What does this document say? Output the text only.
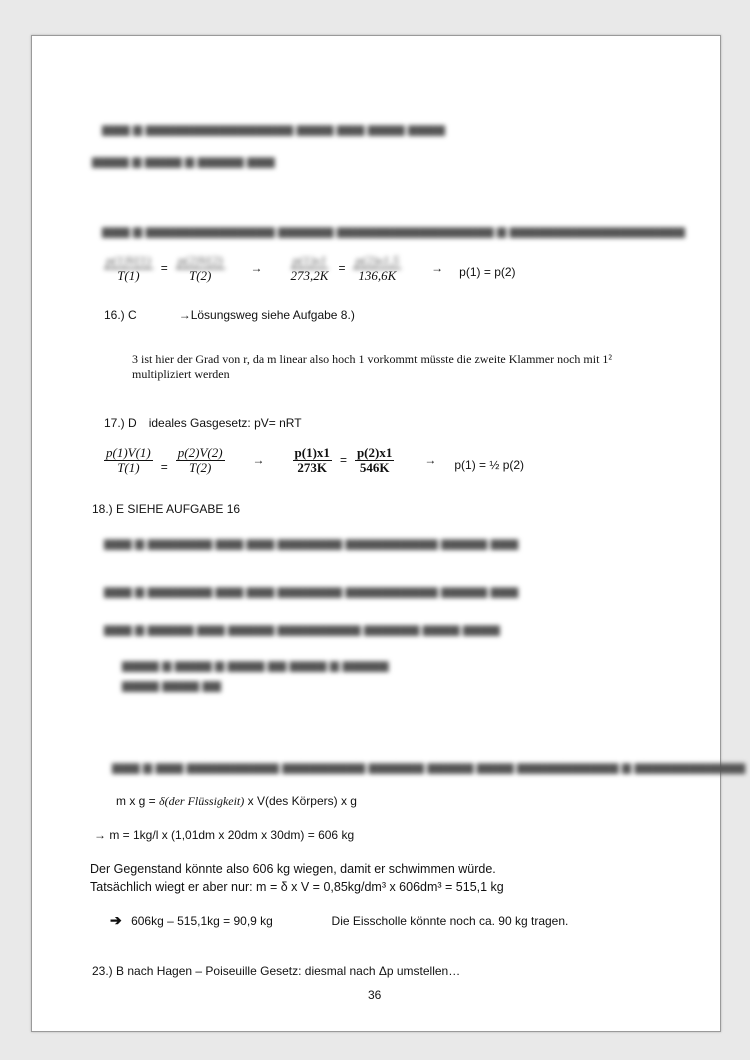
▆▆▆ ▆ ▆▆▆▆▆▆▆▆▆▆▆▆▆▆▆▆ ▆▆▆▆ ▆▆▆ ▆▆▆▆ ▆▆▆▆
▆▆▆▆ ▆ ▆▆▆▆ ▆ ▆▆▆▆▆ ▆▆▆
▆▆▆ ▆ ▆▆▆▆▆▆▆▆▆▆▆▆▆▆ ▆▆▆▆▆▆ ▆▆▆▆▆▆▆▆▆▆▆▆▆▆▆▆▆ ▆ ▆▆▆▆▆▆▆▆▆▆▆▆▆▆▆▆▆▆▆
$\frac{p(1)V(1)}{T(1)} = \frac{p(2)V(2)}{T(2)} \to \frac{p(1)x1}{273,2K} = \frac{p(2)x1,5}{136,6K}$	→ p(1) = p(2)
16.) C	→Lösungsweg siehe Aufgabe 8.)
3 ist hier der Grad von r, da m linear also hoch 1 vorkommt müsste die zweite Klammer noch mit 1² multipliziert werden
17.) D ideales Gasgesetz: pV= nRT
$\frac{p(1)V(1)}{T(1)} = \frac{p(2)V(2)}{T(2)} \to \frac{p(1)x1}{273K} = \frac{p(2)x1}{546K}$	→ p(1) = ½ p(2)
18.) E SIEHE AUFGABE 16
▆▆▆ ▆ ▆▆▆▆▆▆▆ ▆▆▆ ▆▆▆ ▆▆▆▆▆▆▆ ▆▆▆▆▆▆▆▆▆▆ ▆▆▆▆▆ ▆▆▆
▆▆▆ ▆ ▆▆▆▆▆▆▆ ▆▆▆ ▆▆▆ ▆▆▆▆▆▆▆ ▆▆▆▆▆▆▆▆▆▆ ▆▆▆▆▆ ▆▆▆
▆▆▆ ▆ ▆▆▆▆▆ ▆▆▆ ▆▆▆▆▆ ▆▆▆▆▆▆▆▆▆ ▆▆▆▆▆▆ ▆▆▆▆ ▆▆▆▆
▆▆▆▆ ▆ ▆▆▆▆ ▆ ▆▆▆▆ ▆▆ ▆▆▆▆ ▆ ▆▆▆▆▆
▆▆▆▆ ▆▆▆▆ ▆▆
▆▆▆ ▆ ▆▆▆ ▆▆▆▆▆▆▆▆▆▆ ▆▆▆▆▆▆▆▆▆ ▆▆▆▆▆▆ ▆▆▆▆▆ ▆▆▆▆ ▆▆▆▆▆▆▆▆▆▆▆ ▆ ▆▆▆▆▆▆▆▆▆▆▆▆
m x g = δ(der Flüssigkeit) x V(des Körpers) x g
→ m = 1kg/l x (1,01dm x 20dm x 30dm) = 606 kg
Der Gegenstand könnte also 606 kg wiegen, damit er schwimmen würde.
Tatsächlich wiegt er aber nur: m = δ x V = 0,85kg/dm³ x 606dm³ = 515,1 kg
➔ 606kg – 515,1kg = 90,9 kg	Die Eisscholle könnte noch ca. 90 kg tragen.
23.) B nach Hagen – Poiseuille Gesetz: diesmal nach Δp umstellen…
36
